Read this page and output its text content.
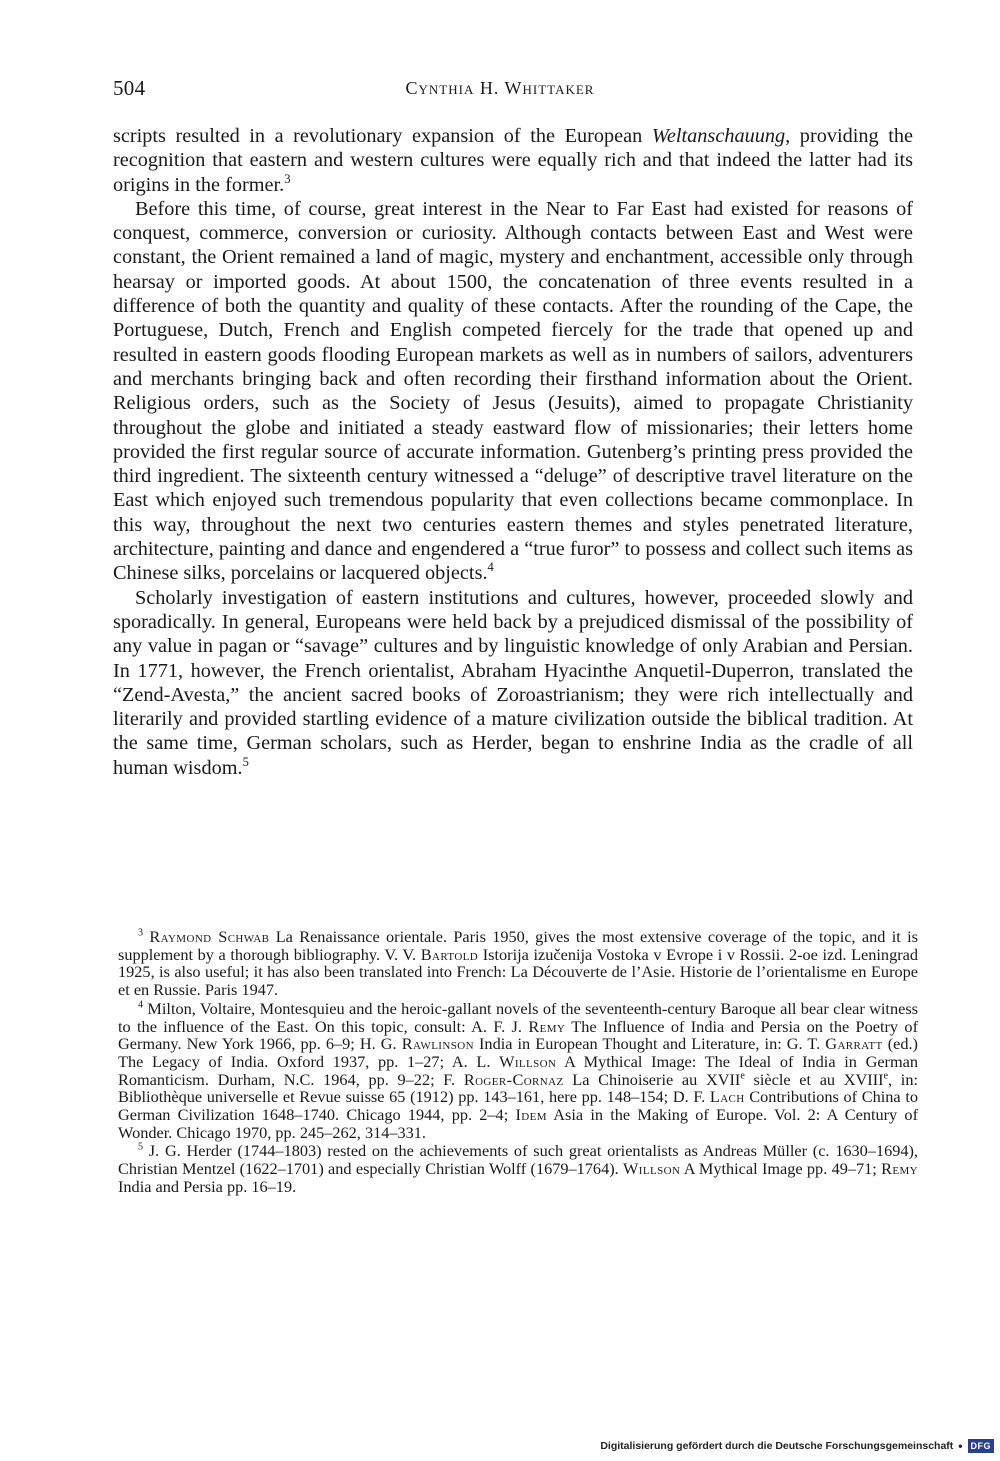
504	Cynthia H. Whittaker

scripts resulted in a revolutionary expansion of the European Weltanschauung, providing the recognition that eastern and western cultures were equally rich and that indeed the latter had its origins in the former.$^3$

Before this time, of course, great interest in the Near to Far East had existed for reasons of conquest, commerce, conversion or curiosity. Although contacts between East and West were constant, the Orient remained a land of magic, mystery and enchantment, accessible only through hearsay or imported goods. At about 1500, the concatenation of three events resulted in a difference of both the quantity and quality of these contacts. After the rounding of the Cape, the Portuguese, Dutch, French and English competed fiercely for the trade that opened up and resulted in eastern goods flooding European markets as well as in numbers of sailors, adventurers and merchants bringing back and often recording their firsthand information about the Orient. Religious orders, such as the Society of Jesus (Jesuits), aimed to propagate Christianity throughout the globe and initiated a steady eastward flow of missionaries; their letters home provided the first regular source of accurate information. Gutenberg’s printing press provided the third ingredient. The sixteenth century witnessed a “deluge” of descriptive travel literature on the East which enjoyed such tremendous popularity that even collections became commonplace. In this way, throughout the next two centuries eastern themes and styles penetrated literature, architecture, painting and dance and engendered a “true furor” to possess and collect such items as Chinese silks, porcelains or lacquered objects.$^4$

Scholarly investigation of eastern institutions and cultures, however, proceeded slowly and sporadically. In general, Europeans were held back by a prejudiced dismissal of the possibility of any value in pagan or “savage” cultures and by linguistic knowledge of only Arabian and Persian. In 1771, however, the French orientalist, Abraham Hyacinthe Anquetil-Duperron, translated the “Zend-Avesta,” the ancient sacred books of Zoroastrianism; they were rich intellectually and literarily and provided startling evidence of a mature civilization outside the biblical tradition. At the same time, German scholars, such as Herder, began to enshrine India as the cradle of all human wisdom.$^5$

$^3$ Raymond Schwab La Renaissance orientale. Paris 1950, gives the most extensive coverage of the topic, and it is supplement by a thorough bibliography. V. V. Bartold Istorija izučenija Vostoka v Evrope i v Rossii. 2-oe izd. Leningrad 1925, is also useful; it has also been translated into French: La Découverte de l’Asie. Historie de l’orientalisme en Europe et en Russie. Paris 1947.

$^4$ Milton, Voltaire, Montesquieu and the heroic-gallant novels of the seventeenth-century Baroque all bear clear witness to the influence of the East. On this topic, consult: A. F. J. Remy The Influence of India and Persia on the Poetry of Germany. New York 1966, pp. 6–9; H. G. Rawlinson India in European Thought and Literature, in: G. T. Garratt (ed.) The Legacy of India. Oxford 1937, pp. 1–27; A. L. Willson A Mythical Image: The Ideal of India in German Romanticism. Durham, N.C. 1964, pp. 9–22; F. Roger-Cornaz La Chinoiserie au XVIIe siècle et au XVIIIe, in: Bibliothèque universelle et Revue suisse 65 (1912) pp. 143–161, here pp. 148–154; D. F. Lach Contributions of China to German Civilization 1648–1740. Chicago 1944, pp. 2–4; Idem Asia in the Making of Europe. Vol. 2: A Century of Wonder. Chicago 1970, pp. 245–262, 314–331.

$^5$ J. G. Herder (1744–1803) rested on the achievements of such great orientalists as Andreas Müller (c. 1630–1694), Christian Mentzel (1622–1701) and especially Christian Wolff (1679–1764). Willson A Mythical Image pp. 49–71; Remy India and Persia pp. 16–19.

Digitalisierung gefördert durch die Deutsche Forschungsgemeinschaft • DFG
